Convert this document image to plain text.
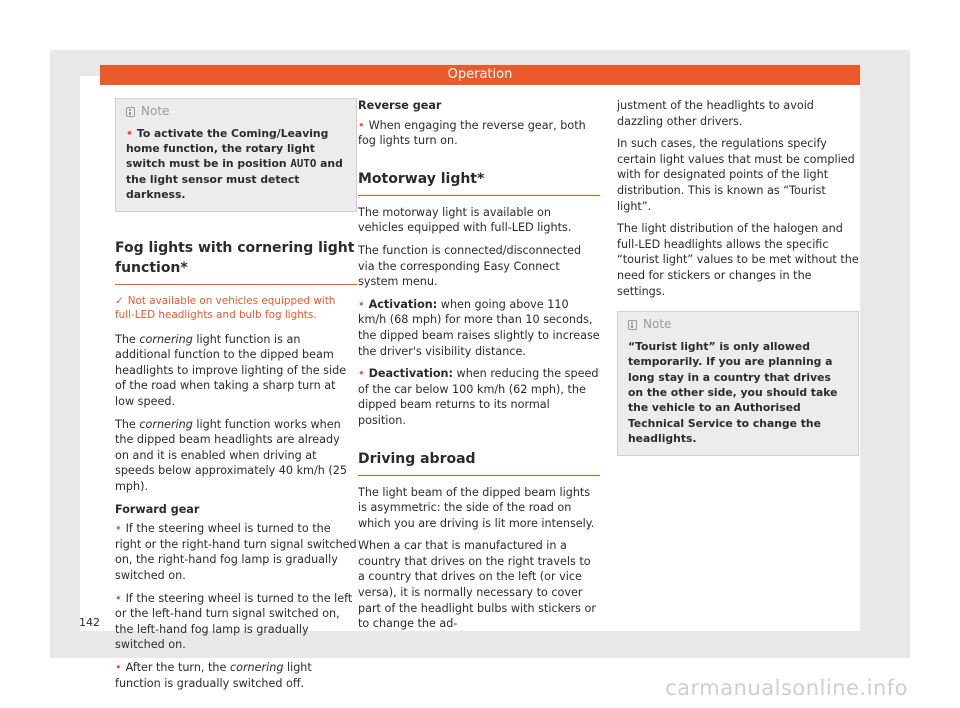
Operation
Note
• To activate the Coming/Leaving home function, the rotary light switch must be in position AUTO and the light sensor must detect darkness.
Fog lights with cornering light function*
✓ Not available on vehicles equipped with full-LED headlights and bulb fog lights.

The cornering light function is an additional function to the dipped beam headlights to improve lighting of the side of the road when taking a sharp turn at low speed.

The cornering light function works when the dipped beam headlights are already on and it is enabled when driving at speeds below approximately 40 km/h (25 mph).

Forward gear

• If the steering wheel is turned to the right or the right-hand turn signal switched on, the right-hand fog lamp is gradually switched on.

• If the steering wheel is turned to the left or the left-hand turn signal switched on, the left-hand fog lamp is gradually switched on.

• After the turn, the cornering light function is gradually switched off.

Reverse gear

• When engaging the reverse gear, both fog lights turn on.

Motorway light*

The motorway light is available on vehicles equipped with full-LED lights.

The function is connected/disconnected via the corresponding Easy Connect system menu.

• Activation: when going above 110 km/h (68 mph) for more than 10 seconds, the dipped beam raises slightly to increase the driver's visibility distance.

• Deactivation: when reducing the speed of the car below 100 km/h (62 mph), the dipped beam returns to its normal position.

Driving abroad

The light beam of the dipped beam lights is asymmetric: the side of the road on which you are driving is lit more intensely.

When a car that is manufactured in a country that drives on the right travels to a country that drives on the left (or vice versa), it is normally necessary to cover part of the headlight bulbs with stickers or to change the ad-

justment of the headlights to avoid dazzling other drivers.

In such cases, the regulations specify certain light values that must be complied with for designated points of the light distribution. This is known as “Tourist light”.

The light distribution of the halogen and full-LED headlights allows the specific “tourist light” values to be met without the need for stickers or changes in the settings.

Note
“Tourist light” is only allowed temporarily. If you are planning a long stay in a country that drives on the other side, you should take the vehicle to an Authorised Technical Service to change the headlights.
142
carmanualsonline.info
